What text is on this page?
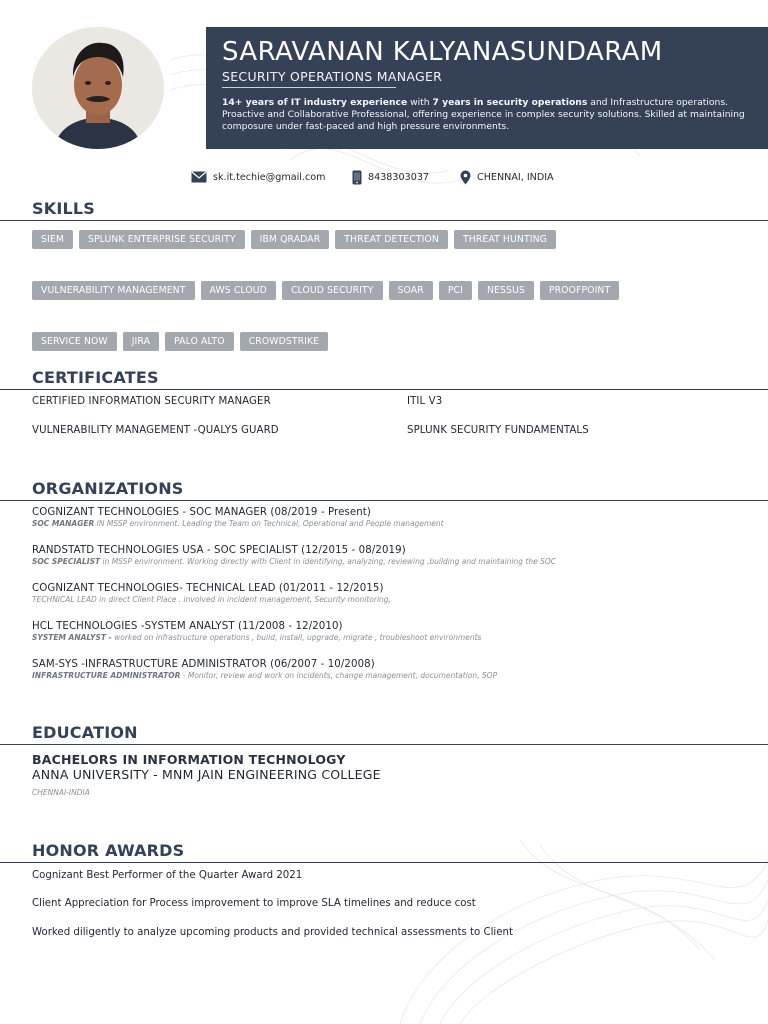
SARAVANAN KALYANASUNDARAM
SECURITY OPERATIONS MANAGER
14+ years of IT industry experience with 7 years in security operations and Infrastructure operations. Proactive and Collaborative Professional, offering experience in complex security solutions. Skilled at maintaining composure under fast-paced and high pressure environments.
sk.it.techie@gmail.com	8438303037	CHENNAI, INDIA
SKILLS
SIEM	SPLUNK ENTERPRISE SECURITY	IBM QRADAR	THREAT DETECTION	THREAT HUNTING
VULNERABILITY MANAGEMENT	AWS CLOUD	CLOUD SECURITY	SOAR	PCI	NESSUS	PROOFPOINT
SERVICE NOW	JIRA	PALO ALTO	CROWDSTRIKE
CERTIFICATES
CERTIFIED INFORMATION SECURITY MANAGER	ITIL V3
VULNERABILITY MANAGEMENT -QUALYS GUARD	SPLUNK SECURITY FUNDAMENTALS
ORGANIZATIONS
COGNIZANT TECHNOLOGIES - SOC MANAGER (08/2019 - Present)
SOC MANAGER IN MSSP environment. Leading the Team on Technical, Operational and People management
RANDSTATD TECHNOLOGIES USA - SOC SPECIALIST (12/2015 - 08/2019)
SOC SPECIALIST in MSSP environment. Working directly with Client in identifying, analyzing, reviewing ,building and maintaining the SOC
COGNIZANT TECHNOLOGIES- TECHNICAL LEAD (01/2011 - 12/2015)
TECHNICAL LEAD in direct Client Place . involved in incident management, Security monitoring,
HCL TECHNOLOGIES -SYSTEM ANALYST (11/2008 - 12/2010)
SYSTEM ANALYST - worked on infrastructure operations , build, install, upgrade, migrate , troubleshoot environments
SAM-SYS -INFRASTRUCTURE ADMINISTRATOR (06/2007 - 10/2008)
INFRASTRUCTURE ADMINISTRATOR - Monitor, review and work on incidents, change management, documentation, SOP
EDUCATION
BACHELORS IN INFORMATION TECHNOLOGY
ANNA UNIVERSITY - MNM JAIN ENGINEERING COLLEGE
CHENNAI-INDIA
HONOR AWARDS
Cognizant Best Performer of the Quarter Award 2021
Client Appreciation for Process improvement to improve SLA timelines and reduce cost
Worked diligently to analyze upcoming products and provided technical assessments to Client
